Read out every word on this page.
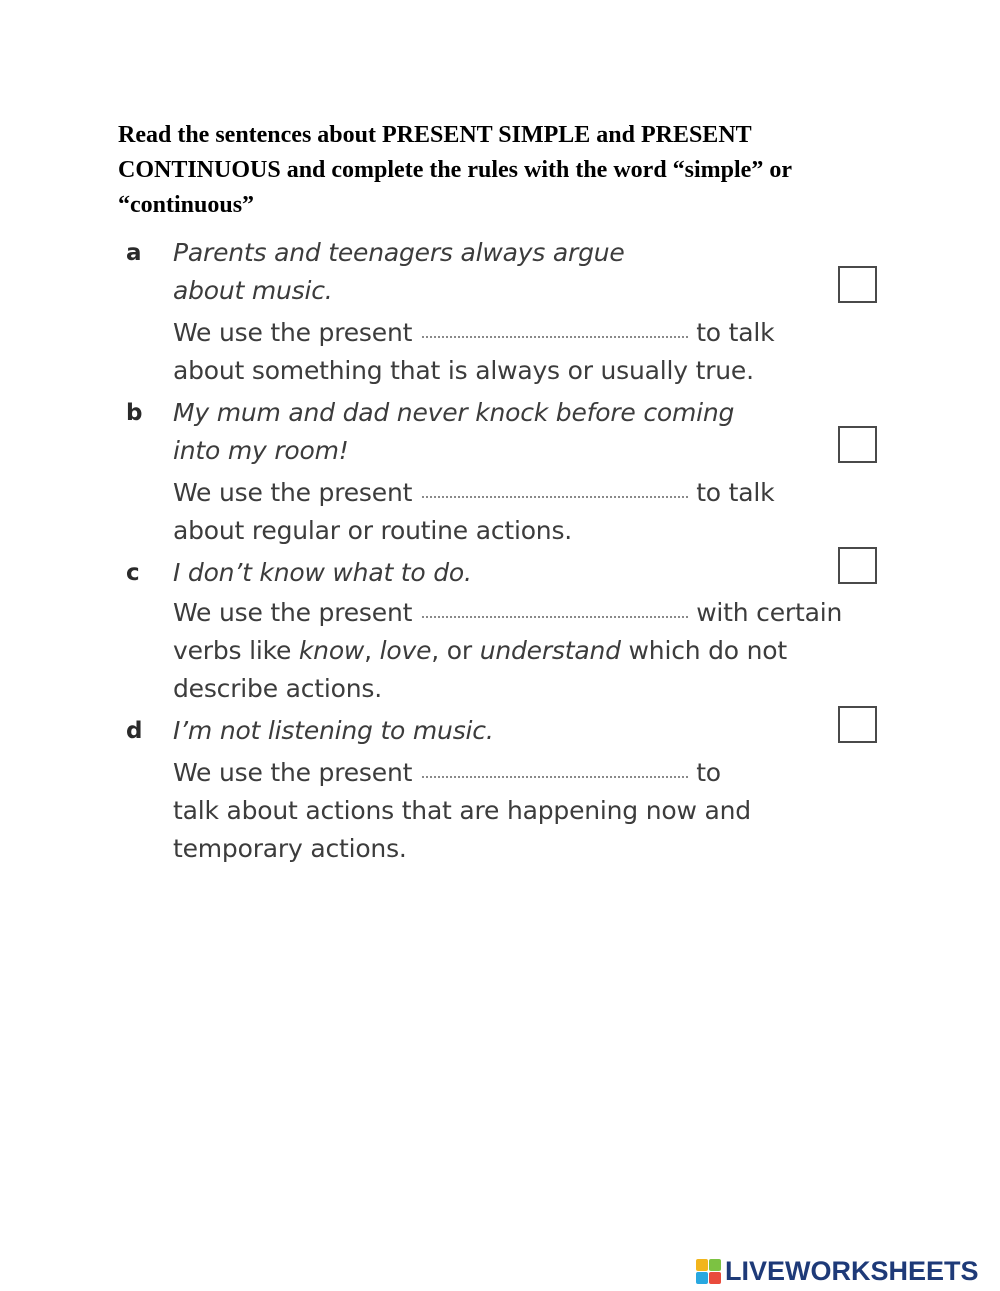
Read the sentences about PRESENT SIMPLE and PRESENT CONTINUOUS and complete the rules with the word “simple” or “continuous”

a Parents and teenagers always argue
about music.
We use the present	to talk
about something that is always or usually true.
b My mum and dad never knock before coming
into my room!
We use the present	to talk
about regular or routine actions.
c I don’t know what to do.
We use the present	with certain
verbs like know, love, or understand which do not
describe actions.
d I’m not listening to music.
We use the present	to
talk about actions that are happening now and
temporary actions.
LIVEWORKSHEETS
